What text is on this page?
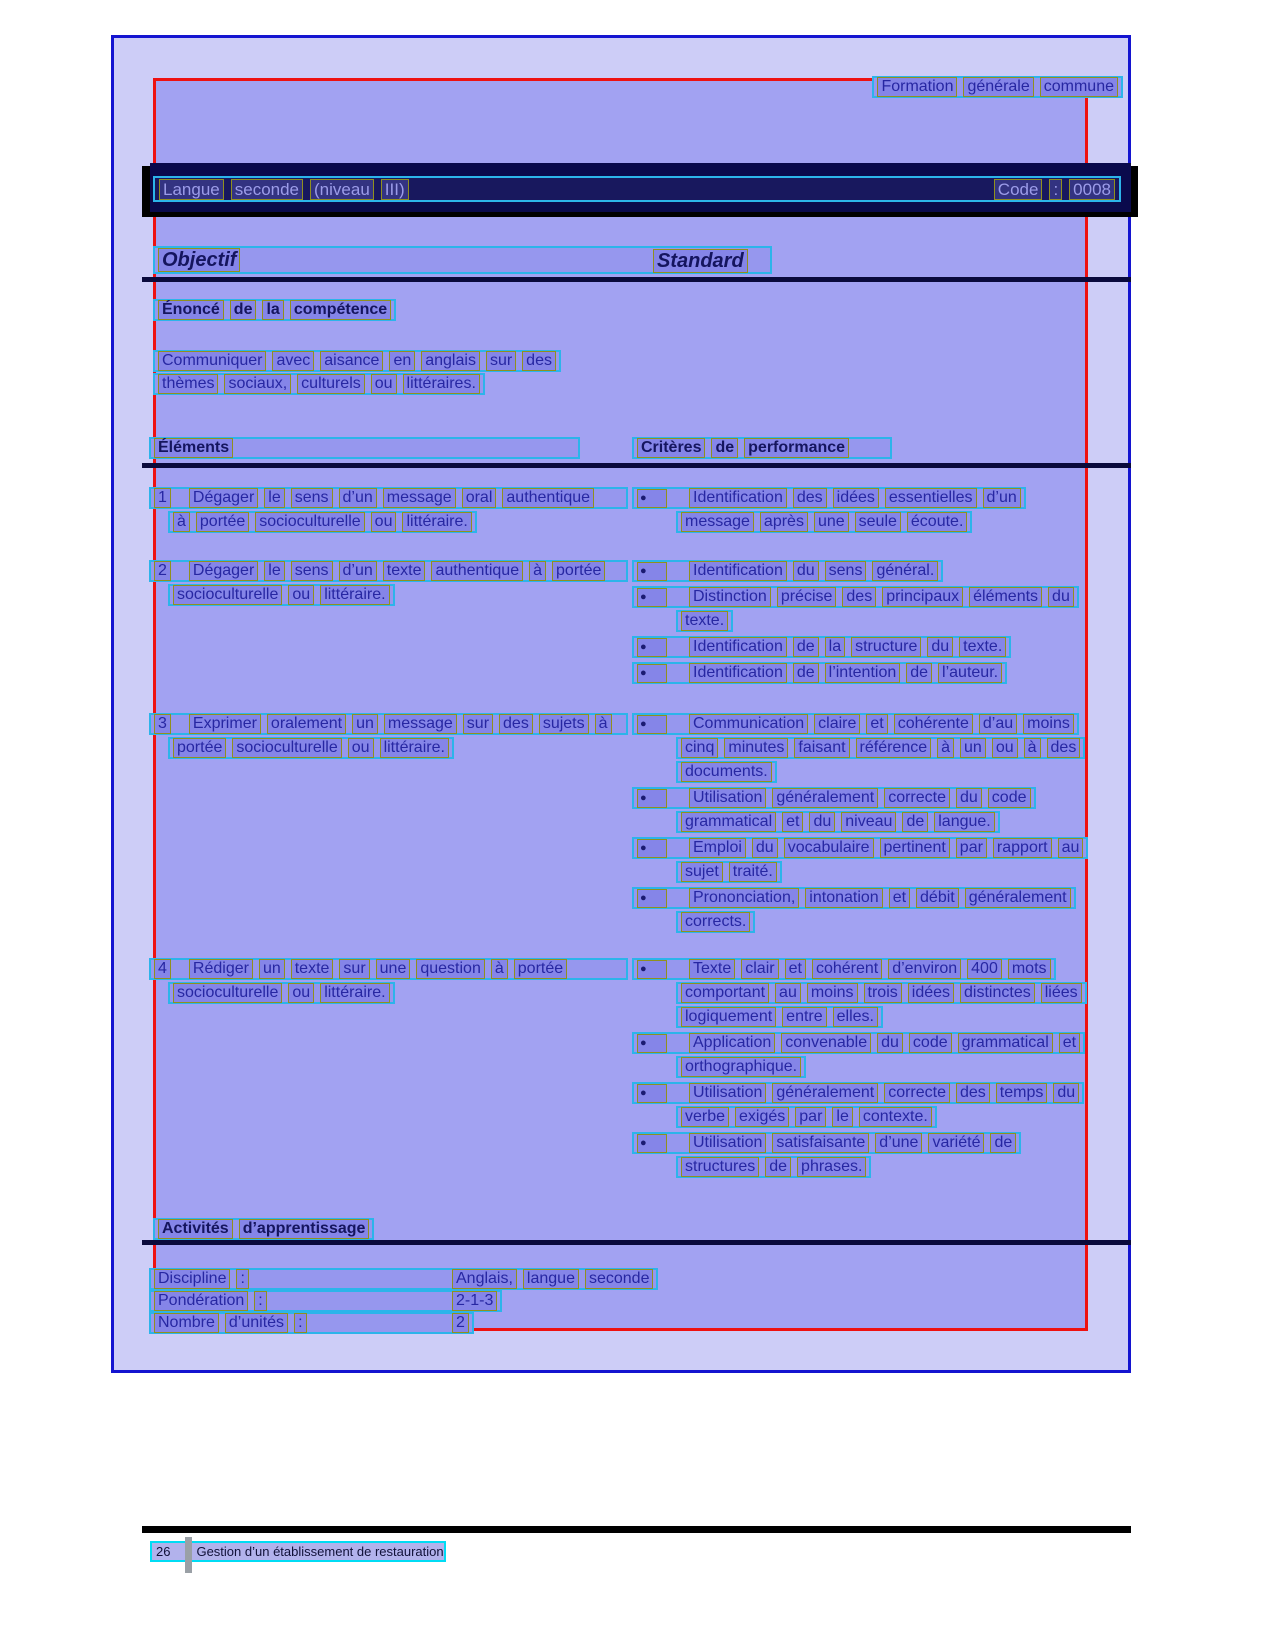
Formation générale commune
Langue seconde (niveau III)	Code : 0008
Objectif	Standard
Énoncé de la compétence
Communiquer avec aisance en anglais sur des
thèmes sociaux, culturels ou littéraires.
Éléments	Critères de performance
1 Dégager le sens d’un message oral authentique
à portée socioculturelle ou littéraire.
●	Identification des idées essentielles d’un
message après une seule écoute.
2 Dégager le sens d’un texte authentique à portée
socioculturelle ou littéraire.
●	Identification du sens général.
●	Distinction précise des principaux éléments du
texte.
●	Identification de la structure du texte.
●	Identification de l’intention de l’auteur.
3 Exprimer oralement un message sur des sujets à
portée socioculturelle ou littéraire.
●	Communication claire et cohérente d’au moins
cinq minutes faisant référence à un ou à des
documents.
●	Utilisation généralement correcte du code
grammatical et du niveau de langue.
●	Emploi du vocabulaire pertinent par rapport au
sujet traité.
●	Prononciation, intonation et débit généralement
corrects.
4 Rédiger un texte sur une question à portée
socioculturelle ou littéraire.
●	Texte clair et cohérent d’environ 400 mots
comportant au moins trois idées distinctes liées
logiquement entre elles.
●	Application convenable du code grammatical et
orthographique.
●	Utilisation généralement correcte des temps du
verbe exigés par le contexte.
●	Utilisation satisfaisante d’une variété de
structures de phrases.
Activités d’apprentissage
Discipline :	Anglais, langue seconde
Pondération :	2-1-3
Nombre d’unités :	2
26 Gestion d’un établissement de restauration
